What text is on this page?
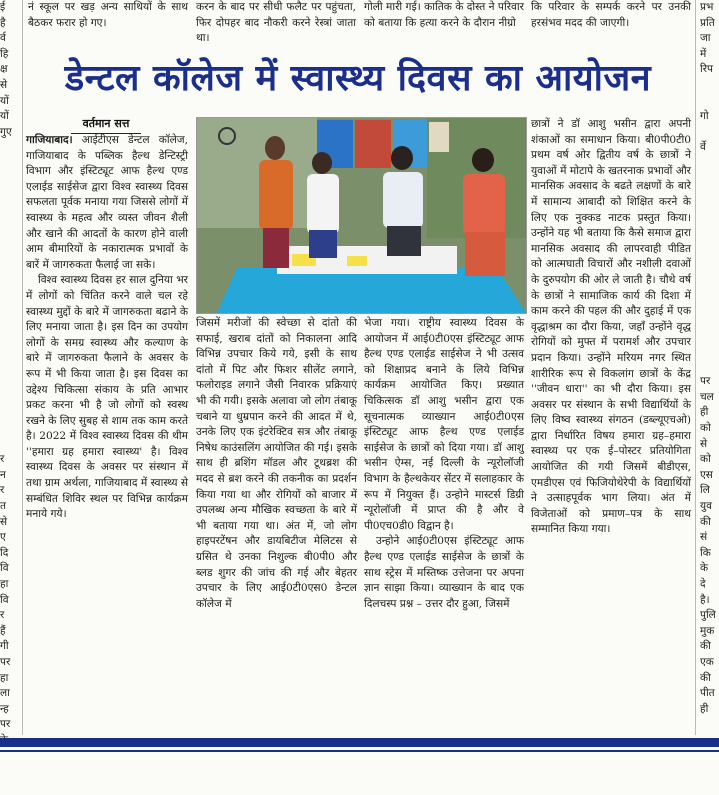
ई
है
र्व
हि
क्ष
से
यों
यों
गुए

र
न
र
त
से
ए
दि
वि
हा
वि
र
हैं
गी
पर
हा
ला
न्ह
पर
प्रभ
प्रति
जा
में
रिप

गो

र्वे

पर
चल
ही
को
से
को
एस
लि
युव
की
सं
कि
के
दे
है।
पुलि
मुक
की
एक
की
पीत
ही
नं स्कूल पर खड़ अन्य साथियों के साथ बैठकर फरार हो गए।
करन के बाद पर सीधी फलैट पर पहुंचता, फिर दोपहर बाद नौकरी करने रेस्त्रां जाता था।
गोली मारी गई। कातिक के दोस्त ने परिवार को बताया कि हत्या करने के दौरान नीग्रो
कि परिवार के सम्पर्क करने पर उनकी हरसंभव मदद की जाएगी।
डेन्टल कॉलेज में स्वास्थ्य दिवस का आयोजन
वर्तमान सत्त

गाजियाबाद। आईटीएस डेन्टल कॉलेज, गाजियाबाद के पब्लिक हैल्थ डेन्टिस्ट्री विभाग और इंस्टिट्यूट आफ हैल्थ एण्ड एलाईड साईसेज द्वारा विश्व स्वास्थ्य दिवस सफलता पूर्वक मनाया गया जिससे लोगों में स्वास्थ्य के महत्व और व्यस्त जीवन शैली और खाने की आदतों के कारण होने वाली आम बीमारियों के नकारात्मक प्रभावों के बारें में जागरुकता फैलाई जा सके।

विश्व स्वास्थ्य दिवस हर साल दुनिया भर में लोगों को चिंतित करने वाले चल रहे स्वास्थ्य मुद्दों के बारे में जागरुकता बढाने के लिए मनाया जाता है। इस दिन का उपयोग लोगों के समग्र स्वास्थ्य और कल्याण के बारे में जागरुकता फैलाने के अवसर के रूप में भी किया जाता है। इस दिवस का उद्देश्य चिकित्सा संकाय के प्रति आभार प्रकट करना भी है जो लोगों को स्वस्थ रखने के लिए सुबह से शाम तक काम करते है। 2022 में विश्व स्वास्थ्य दिवस की थीम ''हमारा ग्रह हमारा स्वास्थ्य' है। विश्व स्वास्थ्य दिवस के अवसर पर संस्थान में तथा ग्राम अर्थला, गाजियाबाद में स्वास्थ्य से सम्बंधित शिविर स्थल पर विभिन्न कार्यक्रम मनाये गये।

जिसमें मरीजों की स्वेच्छा से दांतो की सफाई, खराब दांतों को निकालना आदि विभिन्न उपचार किये गये, इसी के साथ दांतो में पिट और फिशर सीलेंट लगाने, फलोराइड लगाने जैसी निवारक प्रक्रियाएं भी की गयी। इसके अलावा जो लोग तंबाकू चबाने या धुम्रपान करने की आदत में थे, उनके लिए एक इंटरेक्टिव सत्र और तंबाकू निषेध काउंसलिंग आयोजित की गई। इसके साथ ही ब्रशिंग मॉडल और टूथब्रश की मदद से ब्रश करने की तकनीक का प्रदर्शन किया गया था और रोगियों को बाजार में उपलब्ध अन्य मौखिक स्वच्छता के बारे में भी बताया गया था। अंत में, जो लोग हाइपरटेंषन और डायबिटीज मेलिटस से ग्रसित थे उनका निशुल्क बी0पी0 और ब्लड शुगर की जांच की गई और बेहतर उपचार के लिए आई0टी0एस0 डेन्टल कॉलेज में

भेजा गया। राष्ट्रीय स्वास्थ्य दिवस के आयोजन में आई0टी0एस इंस्टिट्यूट आफ हैल्थ एण्ड एलाईड साईसेज ने भी उत्सव को शिक्षाप्रद बनाने के लिये विभिन्न कार्यक्रम आयोजित किए। प्रख्यात चिकित्सक डॉ आशु भसीन द्वारा एक सूचनात्मक व्याख्यान आई0टी0एस इंस्टिट्यूट आफ हैल्थ एण्ड एलाईड साईसेज के छात्रों को दिया गया। डॉ आशु भसीन ऐम्स, नई दिल्ली के न्यूरोलॉजी विभाग के हैल्थकेयर सेंटर में सलाहकार के रूप में नियुक्त हैं। उन्होने मास्टर्स डिग्री न्यूरोलॉजी में प्राप्त की है और वे पी0एच0डी0 विद्वान है।

उन्होने आई0टी0एस इंस्टिट्यूट आफ हैल्थ एण्ड एलाईड साईसेज के छात्रों के साथ स्ट्रेस में मस्तिष्क उत्तेजना पर अपना ज्ञान साझा किया। व्याख्यान के बाद एक दिलचस्प प्रश्न – उत्तर दौर हुआ, जिसमें

छात्रों ने डॉ आशु भसीन द्वारा अपनी शंकाओं का समाधान किया। बी0पी0टी0 प्रथम वर्ष ओर द्वितीय वर्ष के छात्रों ने युवाओं में मोटापे के खतरनाक प्रभावों और मानसिक अवसाद के बढते लक्षणों के बारे में सामान्य आबादी को शिक्षित करने के लिए एक नुक्कड नाटक प्रस्तुत किया। उन्होंने यह भी बताया कि कैसे समाज द्वारा मानसिक अवसाद की लापरवाही पीडित को आत्मघाती विचारों और नशीली दवाओं के दुरुपयोग की ओर ले जाती है। चौथे वर्ष के छात्रों ने सामाजिक कार्य की दिशा में काम करने की पहल की और दुहाई में एक वृद्धाश्रम का दौरा किया, जहाँ उन्होंने वृद्ध रोगियों को मुफ्त में परामर्श और उपचार प्रदान किया। उन्होंने मरियम नगर स्थित शारीरिक रूप से विकलांग छात्रों के केंद्र ''जीवन धारा'' का भी दौरा किया। इस अवसर पर संस्थान के सभी विद्यार्थियों के लिए विष्व स्वास्थ्य संगठन (डब्ल्यूएचओ) द्वारा निर्धारित विषय हमारा ग्रह–हमारा स्वास्थ्य पर एक ई–पोस्टर प्रतियोगिता आयोजित की गयी जिसमें बीडीएस, एमडीएस एवं फिजियोथेरेपी के विद्यार्थियों ने उत्साहपूर्वक भाग लिया। अंत में विजेताओं को प्रमाण–पत्र के साथ सम्मानित किया गया।
